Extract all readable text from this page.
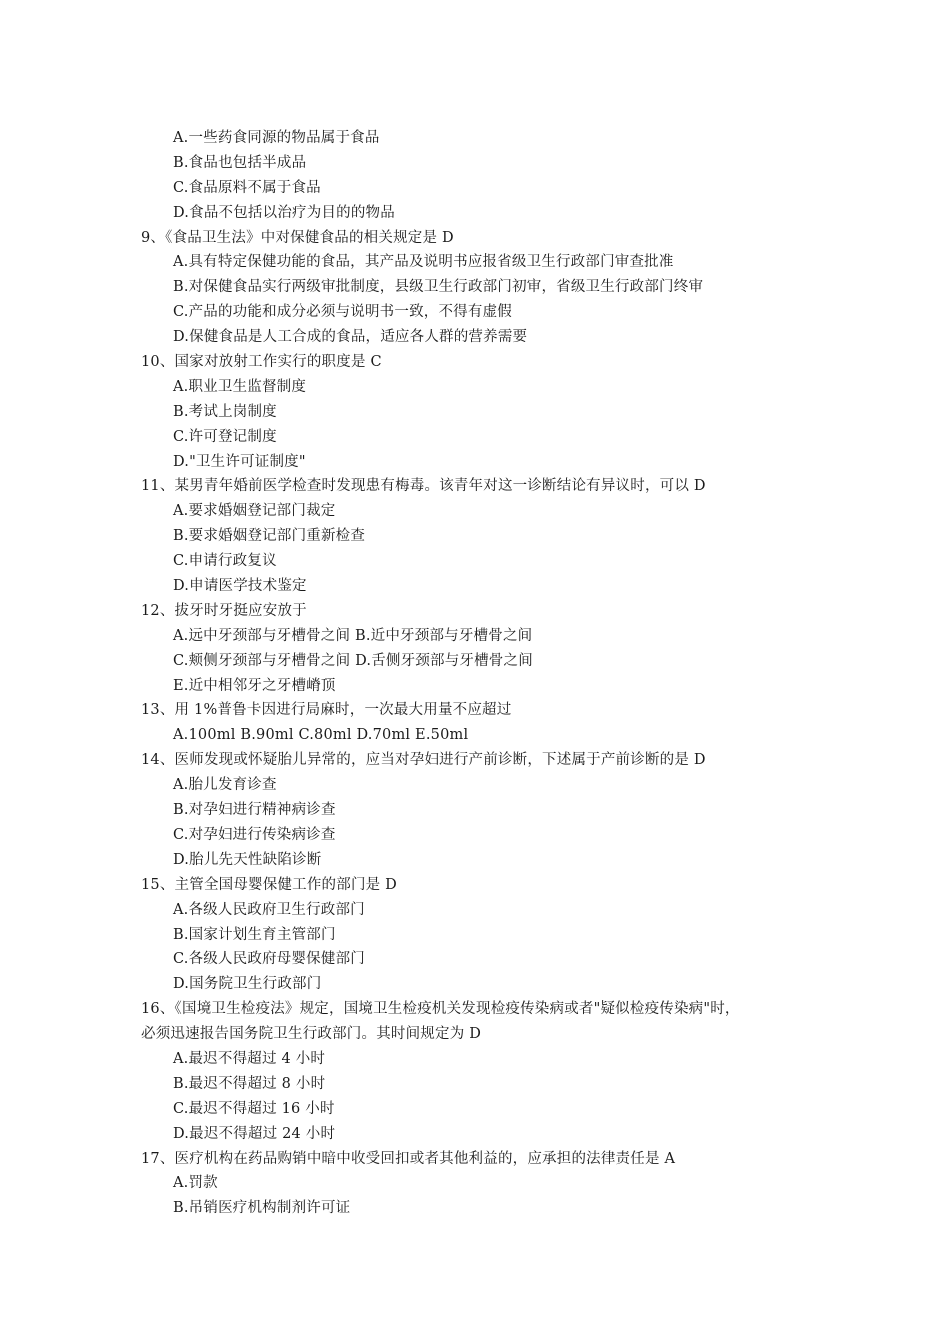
A.一些药食同源的物品属于食品
B.食品也包括半成品
C.食品原料不属于食品
D.食品不包括以治疗为目的的物品
9、《食品卫生法》中对保健食品的相关规定是 D
A.具有特定保健功能的食品，其产品及说明书应报省级卫生行政部门审查批准
B.对保健食品实行两级审批制度，县级卫生行政部门初审，省级卫生行政部门终审
C.产品的功能和成分必须与说明书一致，不得有虚假
D.保健食品是人工合成的食品，适应各人群的营养需要
10、国家对放射工作实行的职度是 C
A.职业卫生监督制度
B.考试上岗制度
C.许可登记制度
D."卫生许可证制度"
11、某男青年婚前医学检查时发现患有梅毒。该青年对这一诊断结论有异议时，可以 D
A.要求婚姻登记部门裁定
B.要求婚姻登记部门重新检查
C.申请行政复议
D.申请医学技术鉴定
12、拔牙时牙挺应安放于
A.远中牙颈部与牙槽骨之间 B.近中牙颈部与牙槽骨之间
C.颊侧牙颈部与牙槽骨之间 D.舌侧牙颈部与牙槽骨之间
E.近中相邻牙之牙槽嵴顶
13、用 1%普鲁卡因进行局麻时，一次最大用量不应超过
A.100ml B.90ml C.80ml D.70ml E.50ml
14、医师发现或怀疑胎儿异常的，应当对孕妇进行产前诊断，下述属于产前诊断的是 D
A.胎儿发育诊查
B.对孕妇进行精神病诊查
C.对孕妇进行传染病诊查
D.胎儿先天性缺陷诊断
15、主管全国母婴保健工作的部门是 D
A.各级人民政府卫生行政部门
B.国家计划生育主管部门
C.各级人民政府母婴保健部门
D.国务院卫生行政部门
16、《国境卫生检疫法》规定，国境卫生检疫机关发现检疫传染病或者"疑似检疫传染病"时，
必须迅速报告国务院卫生行政部门。其时间规定为 D
A.最迟不得超过 4 小时
B.最迟不得超过 8 小时
C.最迟不得超过 16 小时
D.最迟不得超过 24 小时
17、医疗机构在药品购销中暗中收受回扣或者其他利益的，应承担的法律责任是 A
A.罚款
B.吊销医疗机构制剂许可证
